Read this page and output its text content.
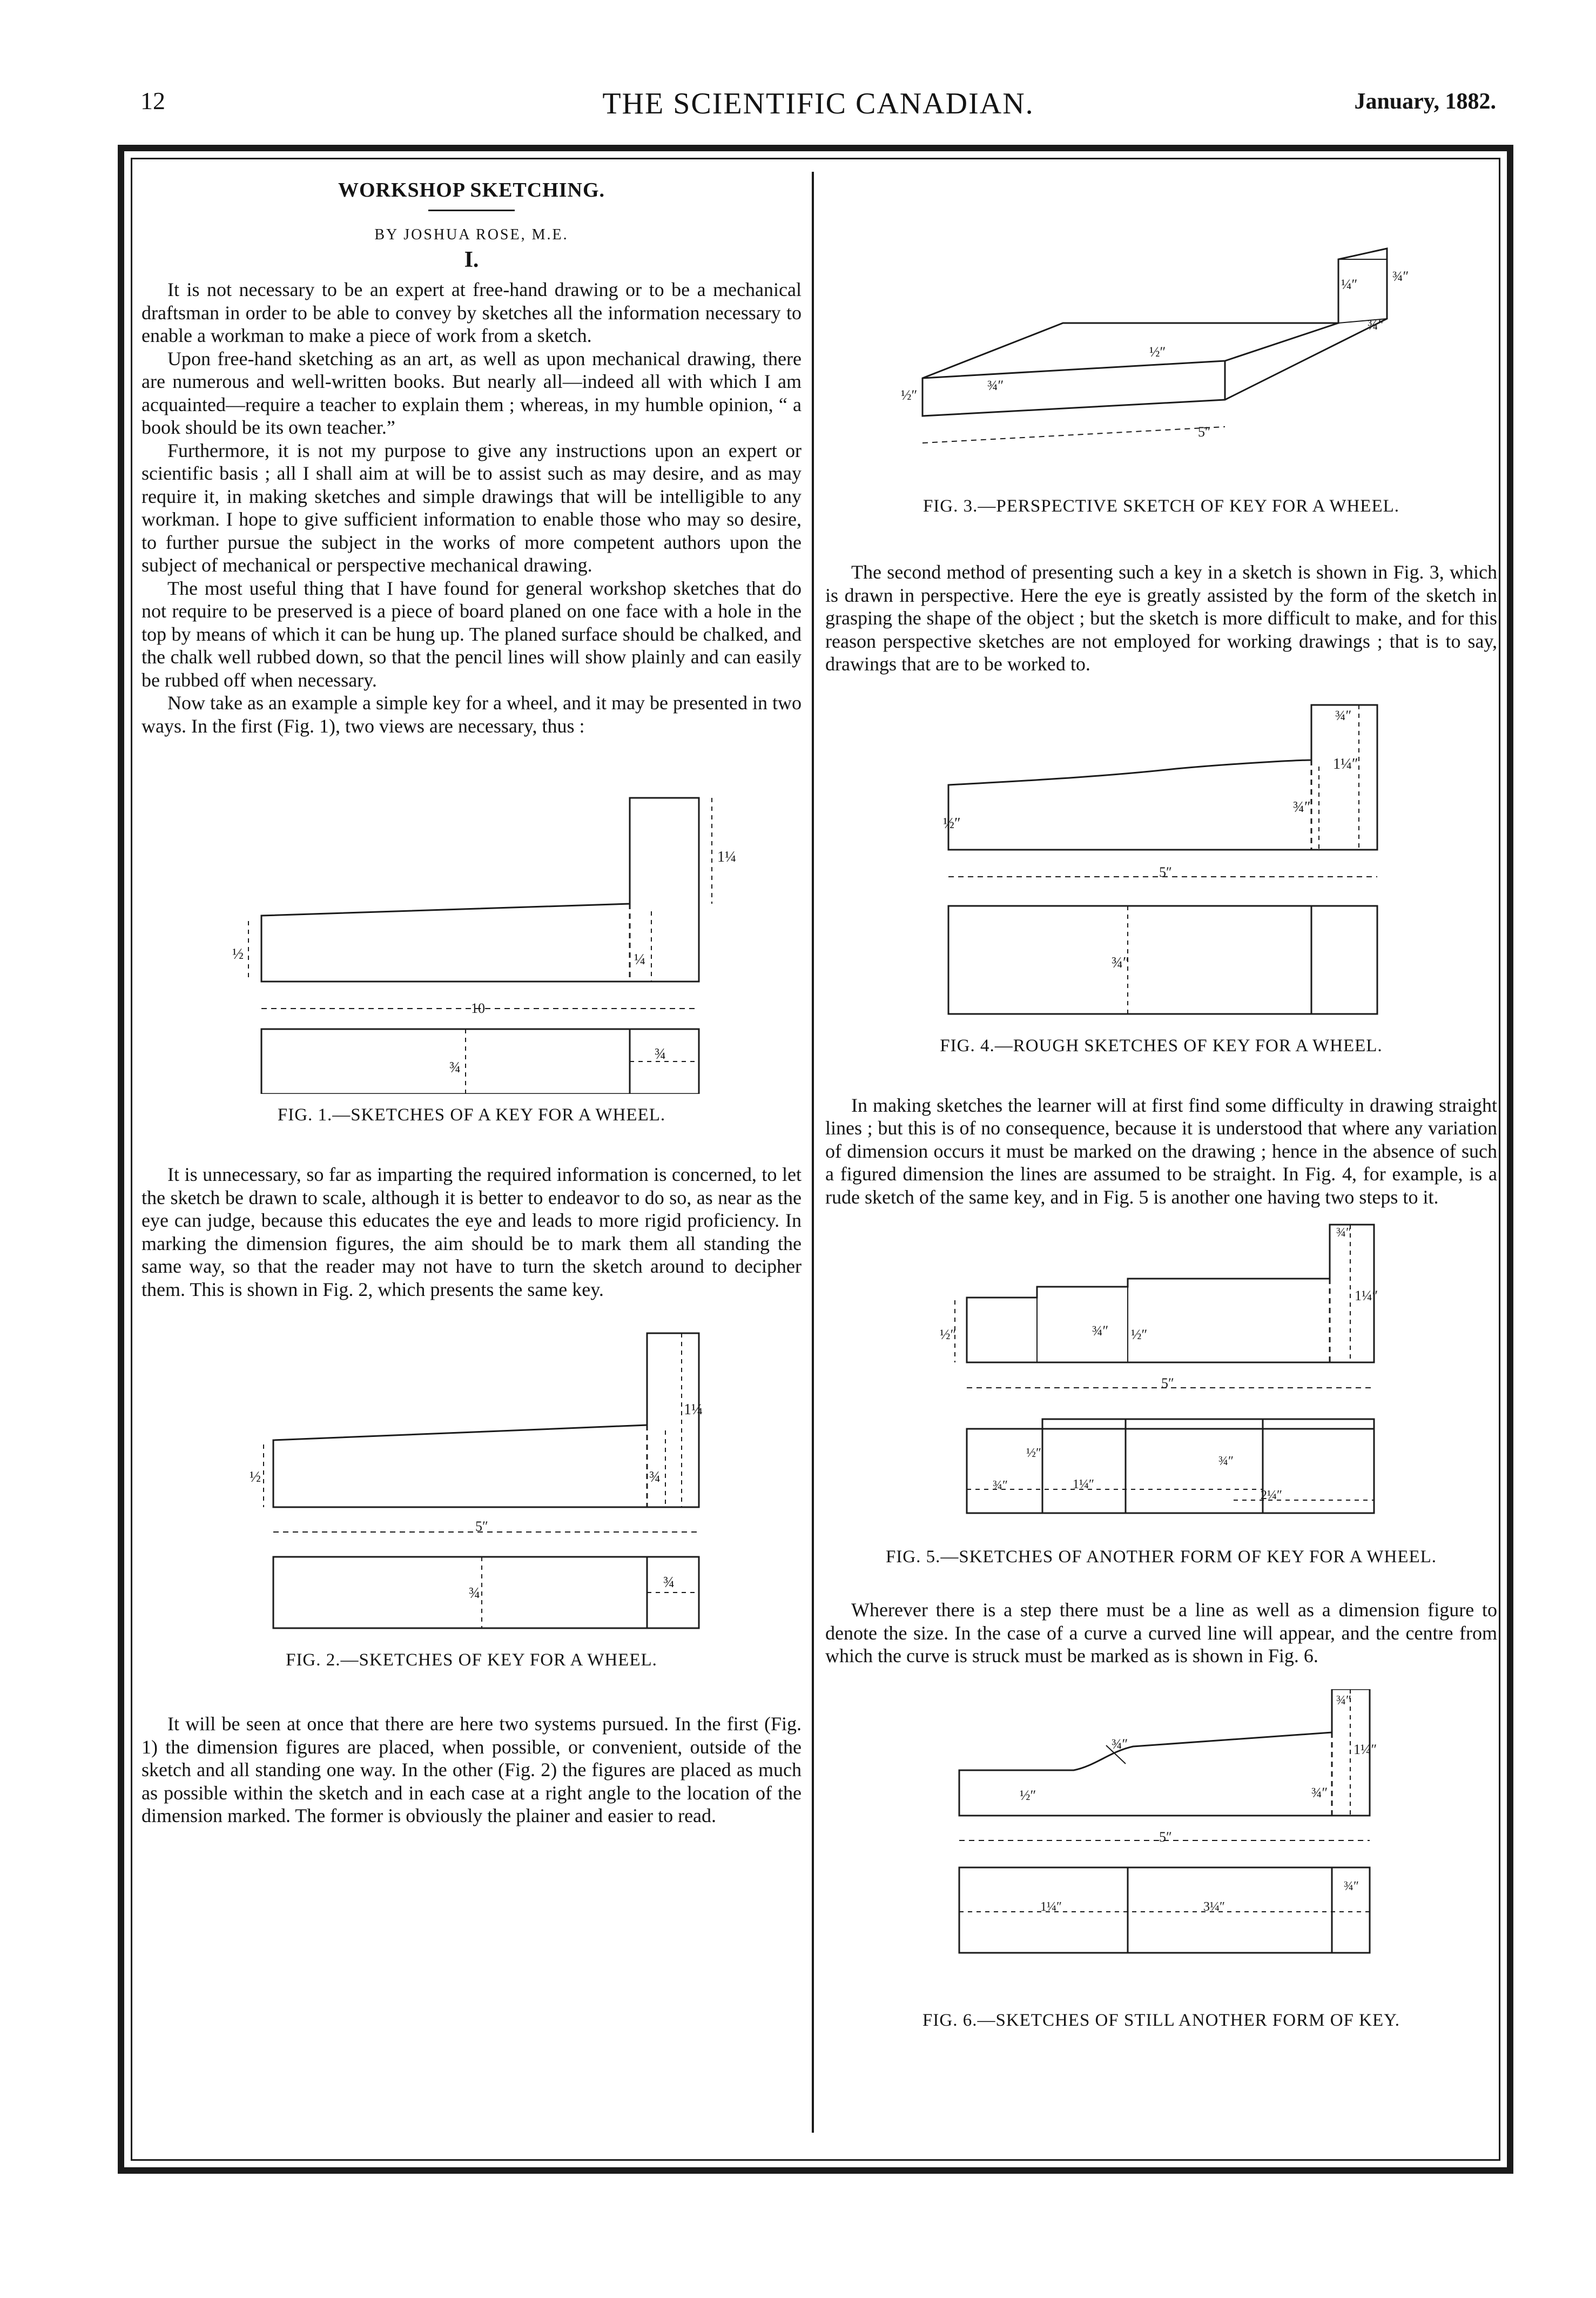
12	THE SCIENTIFIC CANADIAN.	January, 1882.
WORKSHOP SKETCHING.
BY JOSHUA ROSE, M.E.
I.

It is not necessary to be an expert at free-hand drawing or to be a mechanical draftsman in order to be able to convey by sketches all the information necessary to enable a workman to make a piece of work from a sketch.

Upon free-hand sketching as an art, as well as upon mechanical drawing, there are numerous and well-written books. But nearly all—indeed all with which I am acquainted—require a teacher to explain them ; whereas, in my humble opinion, “ a book should be its own teacher.”

Furthermore, it is not my purpose to give any instructions upon an expert or scientific basis ; all I shall aim at will be to assist such as may desire, and as may require it, in making sketches and simple drawings that will be intelligible to any workman. I hope to give sufficient information to enable those who may so desire, to further pursue the subject in the works of more competent authors upon the subject of mechanical or perspective mechanical drawing.

The most useful thing that I have found for general workshop sketches that do not require to be preserved is a piece of board planed on one face with a hole in the top by means of which it can be hung up. The planed surface should be chalked, and the chalk well rubbed down, so that the pencil lines will show plainly and can easily be rubbed off when necessary.

Now take as an example a simple key for a wheel, and it may be presented in two ways. In the first (Fig. 1), two views are necessary, thus :

½	¼
1¼
10
¾
¾
FIG. 1.—SKETCHES OF A KEY FOR A WHEEL.

It is unnecessary, so far as imparting the required information is concerned, to let the sketch be drawn to scale, although it is better to endeavor to do so, as near as the eye can judge, because this educates the eye and leads to more rigid proficiency. In marking the dimension figures, the aim should be to mark them all standing the same way, so that the reader may not have to turn the sketch around to decipher them. This is shown in Fig. 2, which presents the same key.

½	¾
1¼
5″
¾
¾
FIG. 2.—SKETCHES OF KEY FOR A WHEEL.

It will be seen at once that there are here two systems pursued. In the first (Fig. 1) the dimension figures are placed, when possible, or convenient, outside of the sketch and all standing one way. In the other (Fig. 2) the figures are placed as much as possible within the sketch and in each case at a right angle to the location of the dimension marked. The former is obviously the plainer and easier to read.

5″
½″
¾″
½″
¼″
¾″
¾″
FIG. 3.—PERSPECTIVE SKETCH OF KEY FOR A WHEEL.

The second method of presenting such a key in a sketch is shown in Fig. 3, which is drawn in perspective. Here the eye is greatly assisted by the form of the sketch in grasping the shape of the object ; but the sketch is more difficult to make, and for this reason perspective sketches are not employed for working drawings ; that is to say, drawings that are to be worked to.

½″
¾″
1¼″
¾″
5″
¾″
FIG. 4.—ROUGH SKETCHES OF KEY FOR A WHEEL.

In making sketches the learner will at first find some difficulty in drawing straight lines ; but this is of no consequence, because it is understood that where any variation of dimension occurs it must be marked on the drawing ; hence in the absence of such a figured dimension the lines are assumed to be straight. In Fig. 4, for example, is a rude sketch of the same key, and in Fig. 5 is another one having two steps to it.

½″	¾″ ½″
1¼″
¾″
5″
¾″
½″
1¼″
¾″
2¼″
FIG. 5.—SKETCHES OF ANOTHER FORM OF KEY FOR A WHEEL.

Wherever there is a step there must be a line as well as a dimension figure to denote the size. In the case of a curve a curved line will appear, and the centre from which the curve is struck must be marked as is shown in Fig. 6.

½″
¾″
¾″
1¼″
¾″
5″
1¼″	3¼″
¾″
FIG. 6.—SKETCHES OF STILL ANOTHER FORM OF KEY.
